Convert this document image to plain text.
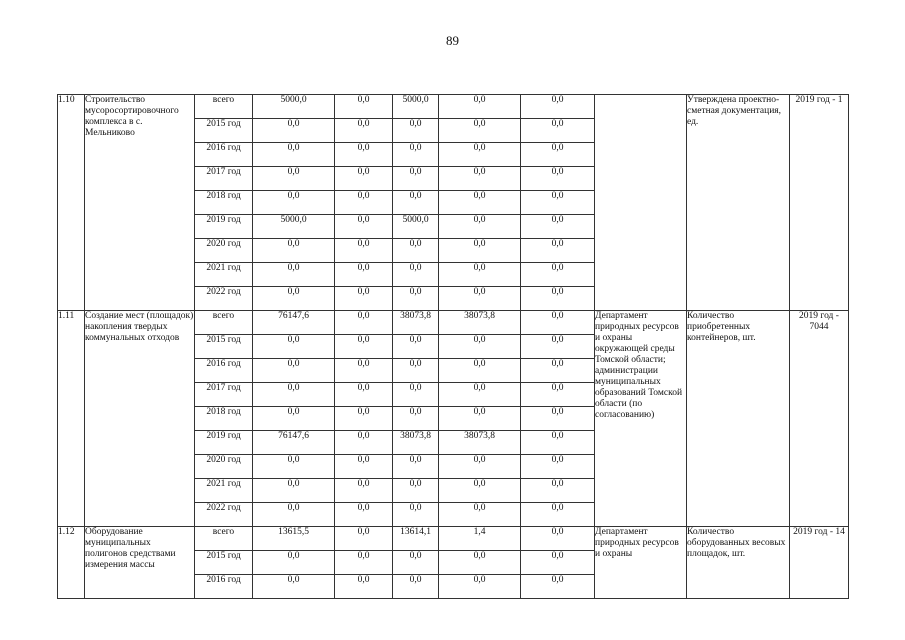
89
1.10	Строительство мусоросортировочного комплекса в с. Мельниково	всего	5000,0	0,0	5000,0	0,0	0,0		Утверждена проектно-сметная документация, ед.	2019 год - 1
		2015 год	0,0	0,0	0,0	0,0	0,0			
		2016 год	0,0	0,0	0,0	0,0	0,0			
		2017 год	0,0	0,0	0,0	0,0	0,0			
		2018 год	0,0	0,0	0,0	0,0	0,0			
		2019 год	5000,0	0,0	5000,0	0,0	0,0			
		2020 год	0,0	0,0	0,0	0,0	0,0			
		2021 год	0,0	0,0	0,0	0,0	0,0			
		2022 год	0,0	0,0	0,0	0,0	0,0			
1.11	Создание мест (площадок) накопления твердых коммунальных отходов	всего	76147,6	0,0	38073,8	38073,8	0,0	Департамент природных ресурсов и охраны окружающей среды Томской области; администрации муниципальных образований Томской области (по согласованию)	Количество приобретенных контейнеров, шт.	2019 год - 7044
		2015 год	0,0	0,0	0,0	0,0	0,0			
		2016 год	0,0	0,0	0,0	0,0	0,0			
		2017 год	0,0	0,0	0,0	0,0	0,0			
		2018 год	0,0	0,0	0,0	0,0	0,0			
		2019 год	76147,6	0,0	38073,8	38073,8	0,0			
		2020 год	0,0	0,0	0,0	0,0	0,0			
		2021 год	0,0	0,0	0,0	0,0	0,0			
		2022 год	0,0	0,0	0,0	0,0	0,0			
1.12	Оборудование муниципальных полигонов средствами измерения массы	всего	13615,5	0,0	13614,1	1,4	0,0	Департамент природных ресурсов и охраны	Количество оборудованных весовых площадок, шт.	2019 год - 14
		2015 год	0,0	0,0	0,0	0,0	0,0			
		2016 год	0,0	0,0	0,0	0,0	0,0			
